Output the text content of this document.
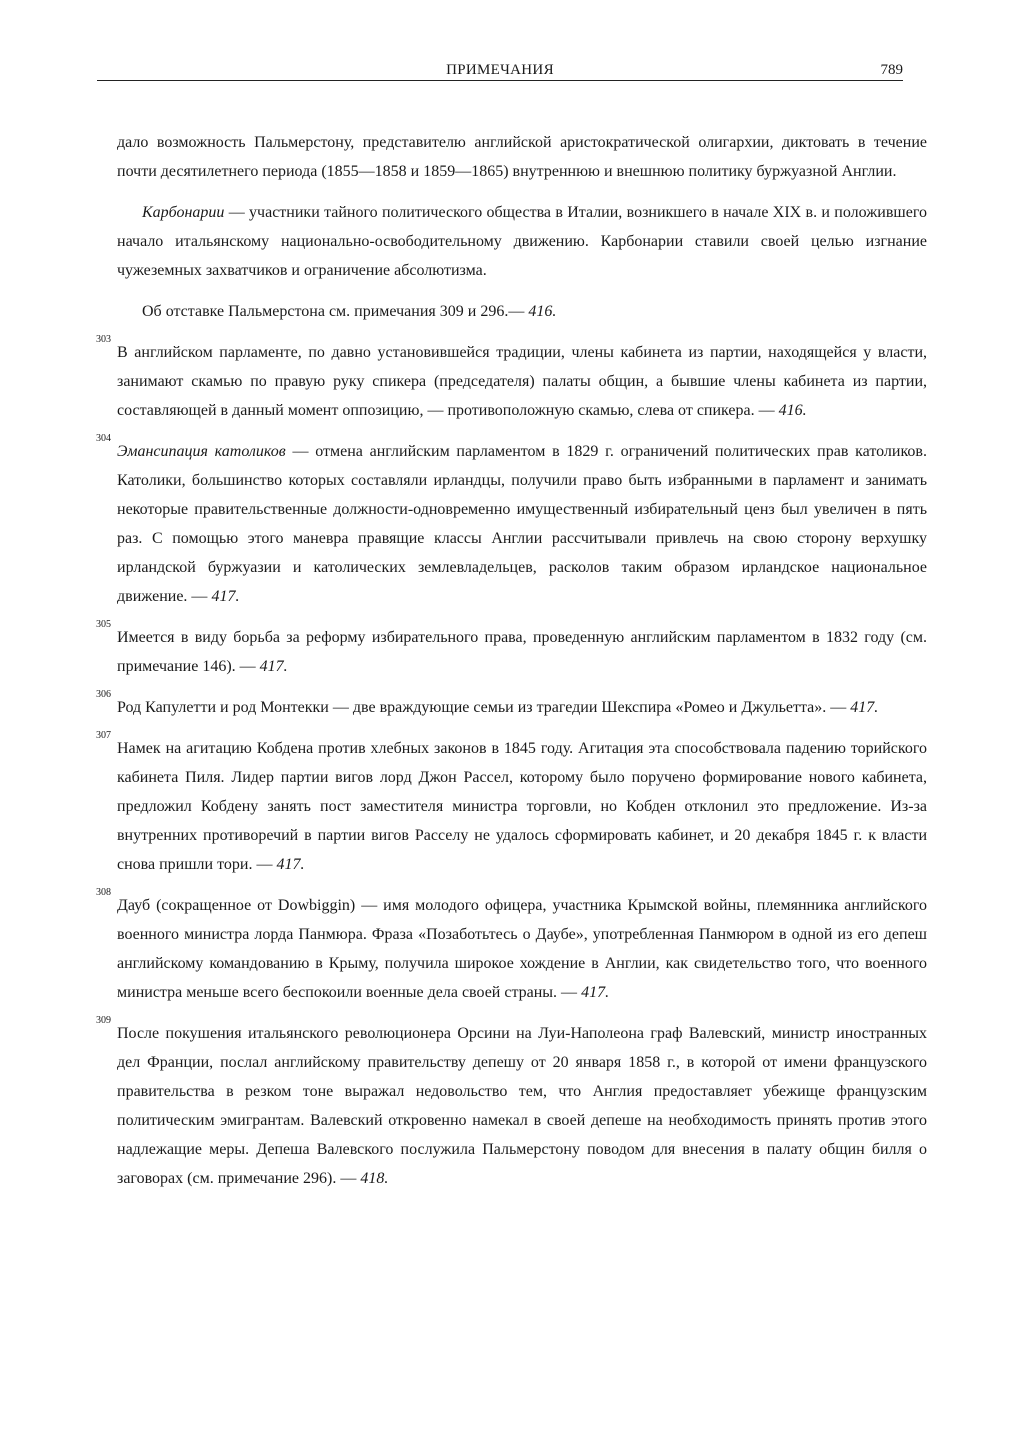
ПРИМЕЧАНИЯ	789

дало возможность Пальмерстону, представителю английской аристократической олигархии, диктовать в течение почти десятилетнего периода (1855—1858 и 1859—1865) внутреннюю и внешнюю политику буржуазной Англии.

Карбонарии — участники тайного политического общества в Италии, возникшего в начале XIX в. и положившего начало итальянскому национально-освободительному движению. Карбонарии ставили своей целью изгнание чужеземных захватчиков и ограничение абсолютизма.

Об отставке Пальмерстона см. примечания 309 и 296.— 416.

303
В английском парламенте, по давно установившейся традиции, члены кабинета из партии, находящейся у власти, занимают скамью по правую руку спикера (председателя) палаты общин, а бывшие члены кабинета из партии, составляющей в данный момент оппозицию, — противоположную скамью, слева от спикера. — 416.
304
Эмансипация католиков — отмена английским парламентом в 1829 г. ограничений политических прав католиков. Католики, большинство которых составляли ирландцы, получили право быть избранными в парламент и занимать некоторые правительственные должности-одновременно имущественный избирательный ценз был увеличен в пять раз. С помощью этого маневра правящие классы Англии рассчитывали привлечь на свою сторону верхушку ирландской буржуазии и католических землевладельцев, расколов таким образом ирландское национальное движение. — 417.
305
Имеется в виду борьба за реформу избирательного права, проведенную английским парламентом в 1832 году (см. примечание 146). — 417.
306
Род Капулетти и род Монтекки — две враждующие семьи из трагедии Шекспира «Ромео и Джульетта». — 417.
307
Намек на агитацию Кобдена против хлебных законов в 1845 году. Агитация эта способствовала падению торийского кабинета Пиля. Лидер партии вигов лорд Джон Рассел, которому было поручено формирование нового кабинета, предложил Кобдену занять пост заместителя министра торговли, но Кобден отклонил это предложение. Из-за внутренних противоречий в партии вигов Расселу не удалось сформировать кабинет, и 20 декабря 1845 г. к власти снова пришли тори. — 417.
308
Дауб (сокращенное от Dowbiggin) — имя молодого офицера, участника Крымской войны, племянника английского военного министра лорда Панмюра. Фраза «Позаботьтесь о Даубе», употребленная Панмюром в одной из его депеш английскому командованию в Крыму, получила широкое хождение в Англии, как свидетельство того, что военного министра меньше всего беспокоили военные дела своей страны. — 417.
309
После покушения итальянского революционера Орсини на Луи-Наполеона граф Валевский, министр иностранных дел Франции, послал английскому правительству депешу от 20 января 1858 г., в которой от имени французского правительства в резком тоне выражал недовольство тем, что Англия предоставляет убежище французским политическим эмигрантам. Валевский откровенно намекал в своей депеше на необходимость принять против этого надлежащие меры. Депеша Валевского послужила Пальмерстону поводом для внесения в палату общин билля о заговорах (см. примечание 296). — 418.
